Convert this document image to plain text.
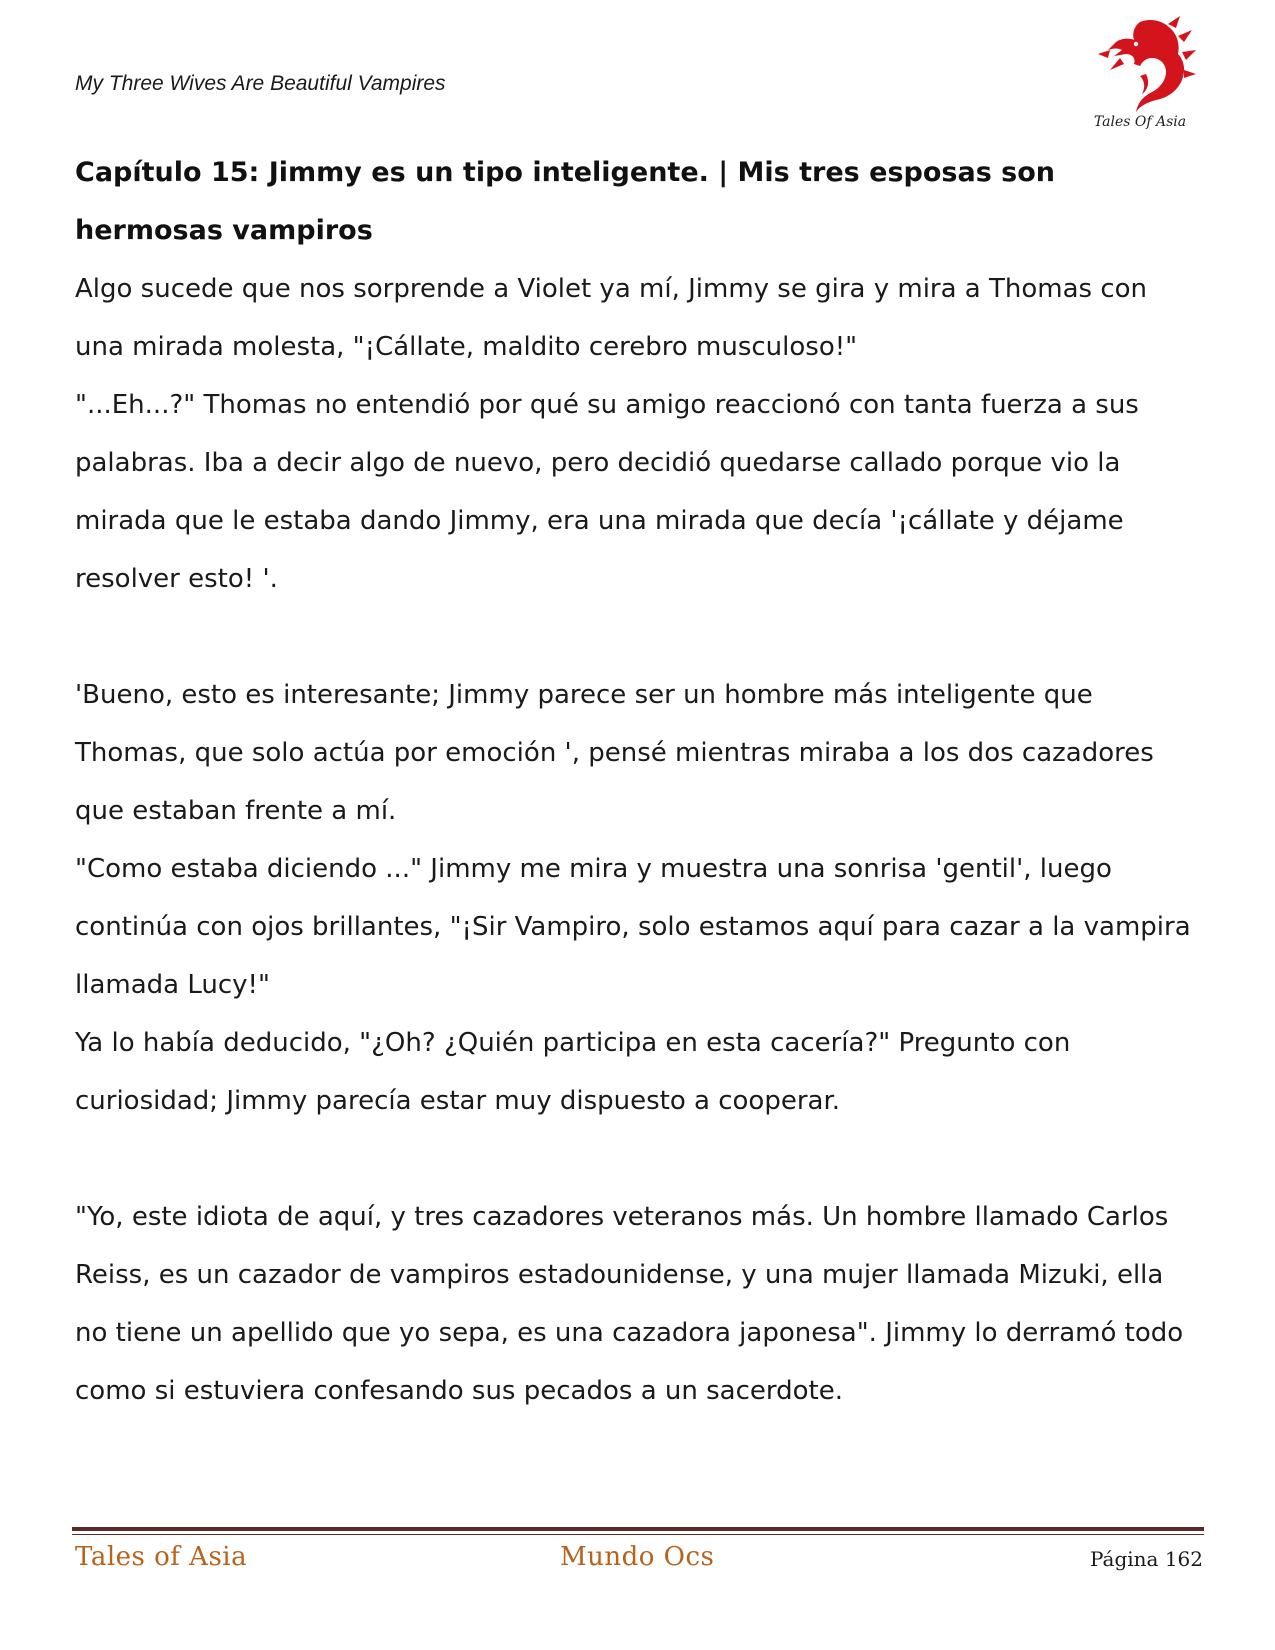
My Three Wives Are Beautiful Vampires
Tales Of Asia
Capítulo 15: Jimmy es un tipo inteligente. | Mis tres esposas son hermosas vampiros

Algo sucede que nos sorprende a Violet ya mí, Jimmy se gira y mira a Thomas con una mirada molesta, "¡Cállate, maldito cerebro musculoso!"

"...Eh...?" Thomas no entendió por qué su amigo reaccionó con tanta fuerza a sus palabras. Iba a decir algo de nuevo, pero decidió quedarse callado porque vio la mirada que le estaba dando Jimmy, era una mirada que decía '¡cállate y déjame resolver esto! '.

'Bueno, esto es interesante; Jimmy parece ser un hombre más inteligente que Thomas, que solo actúa por emoción ', pensé mientras miraba a los dos cazadores que estaban frente a mí.

"Como estaba diciendo ..." Jimmy me mira y muestra una sonrisa 'gentil', luego continúa con ojos brillantes, "¡Sir Vampiro, solo estamos aquí para cazar a la vampira llamada Lucy!"

Ya lo había deducido, "¿Oh? ¿Quién participa en esta cacería?" Pregunto con curiosidad; Jimmy parecía estar muy dispuesto a cooperar.

"Yo, este idiota de aquí, y tres cazadores veteranos más. Un hombre llamado Carlos Reiss, es un cazador de vampiros estadounidense, y una mujer llamada Mizuki, ella no tiene un apellido que yo sepa, es una cazadora japonesa". Jimmy lo derramó todo como si estuviera confesando sus pecados a un sacerdote.

Tales of Asia	Mundo Ocs	Página 162
